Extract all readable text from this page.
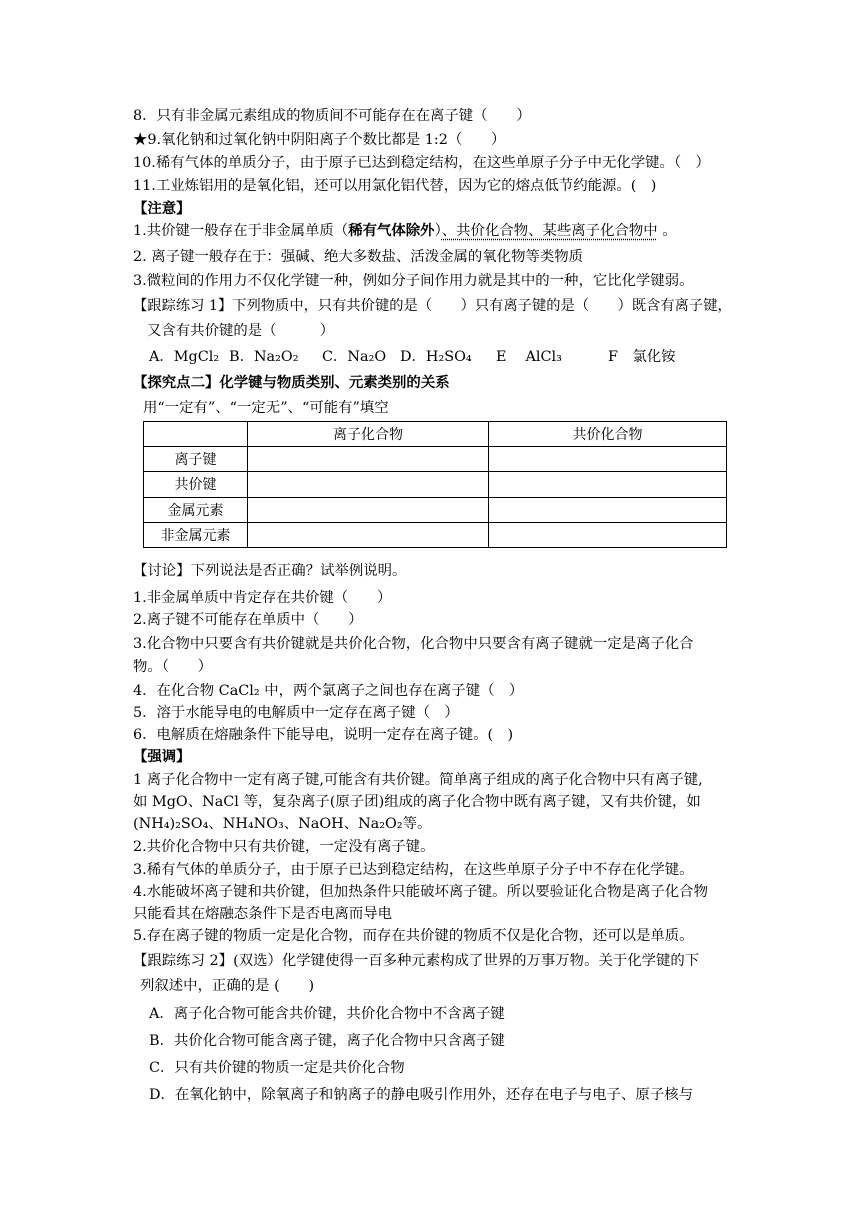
8．只有非金属元素组成的物质间不可能存在在离子键（　　）
★9.氧化钠和过氧化钠中阴阳离子个数比都是 1:2（　　）
10.稀有气体的单质分子，由于原子已达到稳定结构，在这些单原子分子中无化学键。（　）
11.工业炼铝用的是氧化铝，还可以用氯化铝代替，因为它的熔点低节约能源。(　)
【注意】
1.共价键一般存在于非金属单质（稀有气体除外）、共价化合物、某些离子化合物中 。
2. 离子键一般存在于：强碱、绝大多数盐、活泼金属的氧化物等类物质
3.微粒间的作用力不仅化学键一种，例如分子间作用力就是其中的一种，它比化学键弱。
【跟踪练习 1】下列物质中，只有共价键的是（　　）只有离子键的是（　　）既含有离子键，
又含有共价键的是（　　　）
A．MgCl₂ B．Na₂O₂ C．Na₂O D．H₂SO₄ E　 AlCl₃	F　氯化铵
【探究点二】化学键与物质类别、元素类别的关系
用“一定有”、“一定无”、“可能有”填空
	离子化合物	共价化合物
离子键		
共价键		
金属元素		
非金属元素		
【讨论】下列说法是否正确？试举例说明。
1.非金属单质中肯定存在共价键（　　）
2.离子键不可能存在单质中（　　）
3.化合物中只要含有共价键就是共价化合物，化合物中只要含有离子键就一定是离子化合
物。（　　）
4．在化合物 CaCl₂ 中，两个氯离子之间也存在离子键（　）
5．溶于水能导电的电解质中一定存在离子键（　）
6．电解质在熔融条件下能导电，说明一定存在离子键。(　)
【强调】
1 离子化合物中一定有离子键,可能含有共价键。简单离子组成的离子化合物中只有离子键,
如 MgO、NaCl 等，复杂离子(原子团)组成的离子化合物中既有离子键，又有共价键，如
(NH₄)₂SO₄、NH₄NO₃、NaOH、Na₂O₂等。
2.共价化合物中只有共价键，一定没有离子键。
3.稀有气体的单质分子，由于原子已达到稳定结构，在这些单原子分子中不存在化学键。
4.水能破坏离子键和共价键，但加热条件只能破坏离子键。所以要验证化合物是离子化合物
只能看其在熔融态条件下是否电离而导电
5.存在离子键的物质一定是化合物，而存在共价键的物质不仅是化合物，还可以是单质。
【跟踪练习 2】(双选）化学键使得一百多种元素构成了世界的万事万物。关于化学键的下
列叙述中，正确的是 (　　)
A．离子化合物可能含共价键，共价化合物中不含离子键
B．共价化合物可能含离子键，离子化合物中只含离子键
C．只有共价键的物质一定是共价化合物
D．在氧化钠中，除氧离子和钠离子的静电吸引作用外，还存在电子与电子、原子核与
